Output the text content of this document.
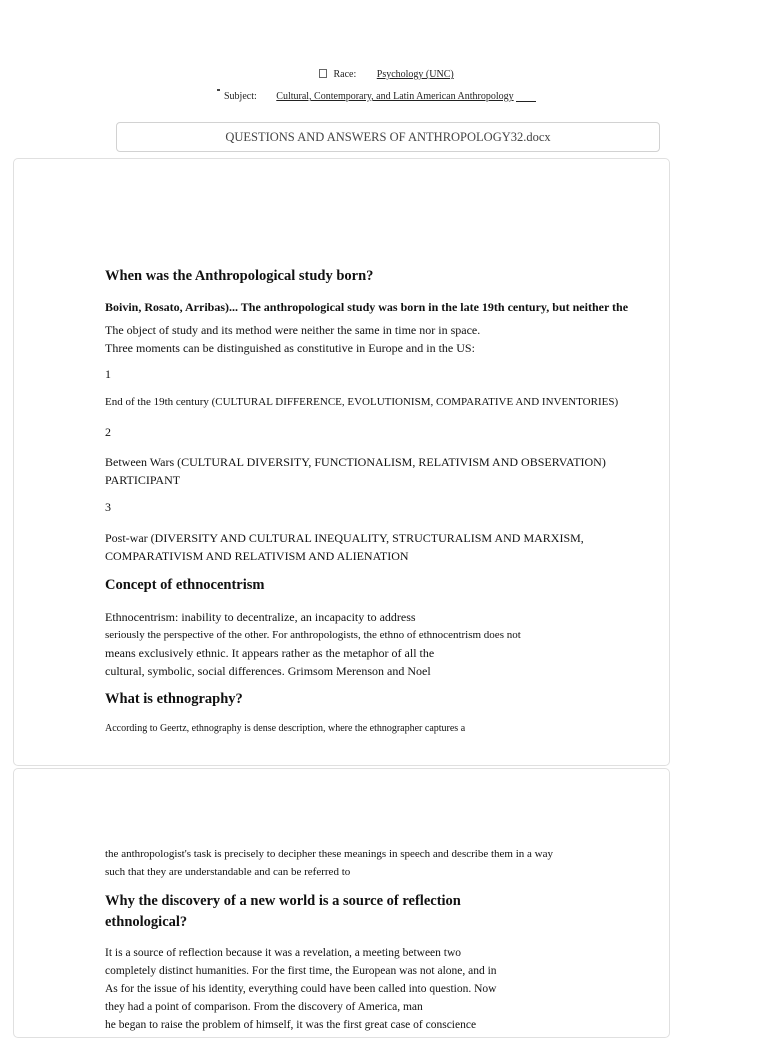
Race: Psychology (UNC)
Subject: Cultural, Contemporary, and Latin American Anthropology
QUESTIONS AND ANSWERS OF ANTHROPOLOGY32.docx
When was the Anthropological study born?
Boivin, Rosato, Arribas)... The anthropological study was born in the late 19th century, but neither the
The object of study and its method were neither the same in time nor in space.
Three moments can be distinguished as constitutive in Europe and in the US:
1
End of the 19th century (CULTURAL DIFFERENCE, EVOLUTIONISM, COMPARATIVE AND INVENTORIES)
2
Between Wars (CULTURAL DIVERSITY, FUNCTIONALISM, RELATIVISM AND OBSERVATION)
PARTICIPANT
3
Post-war (DIVERSITY AND CULTURAL INEQUALITY, STRUCTURALISM AND MARXISM,
COMPARATIVISM AND RELATIVISM AND ALIENATION
Concept of ethnocentrism
Ethnocentrism: inability to decentralize, an incapacity to address
seriously the perspective of the other. For anthropologists, the ethno of ethnocentrism does not
means exclusively ethnic. It appears rather as the metaphor of all the
cultural, symbolic, social differences. Grimsom Merenson and Noel
What is ethnography?
According to Geertz, ethnography is dense description, where the ethnographer captures a
the anthropologist's task is precisely to decipher these meanings in speech and describe them in a way
such that they are understandable and can be referred to
Why the discovery of a new world is a source of reflection
ethnological?
It is a source of reflection because it was a revelation, a meeting between two
completely distinct humanities. For the first time, the European was not alone, and in
As for the issue of his identity, everything could have been called into question. Now
they had a point of comparison. From the discovery of America, man
he began to raise the problem of himself, it was the first great case of conscience
